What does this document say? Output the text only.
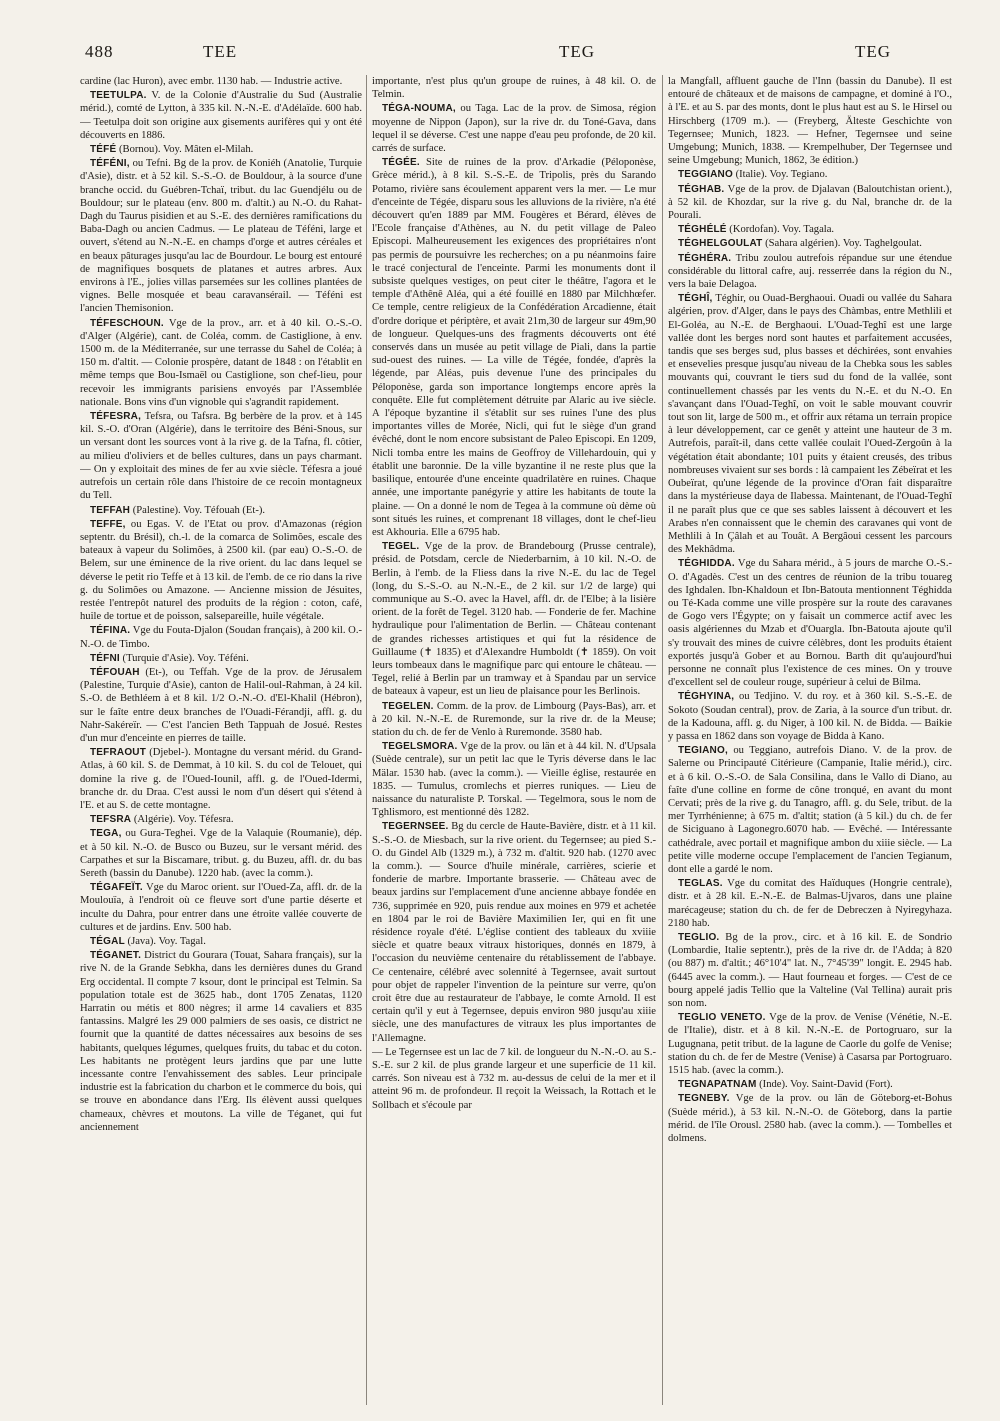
488	TEE	TEG	TEG

cardine (lac Huron), avec embr. 1130 hab. — Industrie active.

TEETULPA. V. de la Colonie d'Australie du Sud (Australie mérid.), comté de Lytton, à 335 kil. N.-N.-E. d'Adélaïde. 600 hab. — Teetulpa doit son origine aux gisements aurifères qui y ont été découverts en 1886.

TÉFÉ (Bornou). Voy. Mâten el-Milah.

TÉFÉNI, ou Tefni. Bg de la prov. de Koniéh (Anatolie, Turquie d'Asie), distr. et à 52 kil. S.-S.-O. de Bouldour, à la source d'une branche occid. du Guébren-Tchaï, tribut. du lac Guendjélu ou de Bouldour; sur le plateau (env. 800 m. d'altit.) au N.-O. du Rahat-Dagh du Taurus pisidien et au S.-E. des dernières ramifications du Baba-Dagh ou ancien Cadmus. — Le plateau de Téféni, large et ouvert, s'étend au N.-N.-E. en champs d'orge et autres céréales et en beaux pâturages jusqu'au lac de Bourdour. Le bourg est entouré de magnifiques bosquets de platanes et autres arbres. Aux environs à l'E., jolies villas parsemées sur les collines plantées de vignes. Belle mosquée et beau caravansérail. — Téféni est l'ancien Themisonion.

TÉFESCHOUN. Vge de la prov., arr. et à 40 kil. O.-S.-O. d'Alger (Algérie), cant. de Coléa, comm. de Castiglione, à env. 1500 m. de la Méditerranée, sur une terrasse du Sahel de Coléa; à 150 m. d'altit. — Colonie prospère, datant de 1848 : on l'établit en même temps que Bou-Ismaël ou Castiglione, son chef-lieu, pour recevoir les immigrants parisiens envoyés par l'Assemblée nationale. Bons vins d'un vignoble qui s'agrandit rapidement.

TÉFESRA, Tefsra, ou Tafsra. Bg berbère de la prov. et à 145 kil. S.-O. d'Oran (Algérie), dans le territoire des Béni-Snous, sur un versant dont les sources vont à la rive g. de la Tafna, fl. côtier, au milieu d'oliviers et de belles cultures, dans un pays charmant. — On y exploitait des mines de fer au xvie siècle. Téfesra a joué autrefois un certain rôle dans l'histoire de ce recoin montagneux du Tell.

TEFFAH (Palestine). Voy. Téfouah (Et-).

TEFFE, ou Egas. V. de l'Etat ou prov. d'Amazonas (région septentr. du Brésil), ch.-l. de la comarca de Solimões, escale des bateaux à vapeur du Solimões, à 2500 kil. (par eau) O.-S.-O. de Belem, sur une éminence de la rive orient. du lac dans lequel se déverse le petit rio Teffe et à 13 kil. de l'emb. de ce rio dans la rive g. du Solimões ou Amazone. — Ancienne mission de Jésuites, restée l'entrepôt naturel des produits de la région : coton, café, huile de tortue et de poisson, salsepareille, huile végétale.

TÉFINA. Vge du Fouta-Djalon (Soudan français), à 200 kil. O.-N.-O. de Timbo.

TÉFNI (Turquie d'Asie). Voy. Téféni.

TÉFOUAH (Et-), ou Teffah. Vge de la prov. de Jérusalem (Palestine, Turquie d'Asie), canton de Halil-oul-Rahman, à 24 kil. S.-O. de Bethléem à et 8 kil. 1/2 O.-N.-O. d'El-Khalil (Hébron), sur le faîte entre deux branches de l'Ouadi-Férandji, affl. g. du Nahr-Sakéreïr. — C'est l'ancien Beth Tappuah de Josué. Restes d'un mur d'enceinte en pierres de taille.

TEFRAOUT (Djebel-). Montagne du versant mérid. du Grand-Atlas, à 60 kil. S. de Demmat, à 10 kil. S. du col de Telouet, qui domine la rive g. de l'Oued-Iounil, affl. g. de l'Oued-Idermi, branche dr. du Draa. C'est aussi le nom d'un désert qui s'étend à l'E. et au S. de cette montagne.

TEFSRA (Algérie). Voy. Téfesra.

TEGA, ou Gura-Teghei. Vge de la Valaquie (Roumanie), dép. et à 50 kil. N.-O. de Busco ou Buzeu, sur le versant mérid. des Carpathes et sur la Biscamare, tribut. g. du Buzeu, affl. dr. du bas Sereth (bassin du Danube). 1220 hab. (avec la comm.).

TÉGAFEÏT. Vge du Maroc orient. sur l'Oued-Za, affl. dr. de la Moulouïa, à l'endroit où ce fleuve sort d'une partie déserte et inculte du Dahra, pour entrer dans une étroite vallée couverte de cultures et de jardins. Env. 500 hab.

TÉGAL (Java). Voy. Tagal.

TÉGANET. District du Gourara (Touat, Sahara français), sur la rive N. de la Grande Sebkha, dans les dernières dunes du Grand Erg occidental. Il compte 7 ksour, dont le principal est Telmin. Sa population totale est de 3625 hab., dont 1705 Zenatas, 1120 Harratin ou métis et 800 nègres; il arme 14 cavaliers et 835 fantassins. Malgré les 29 000 palmiers de ses oasis, ce district ne fournit que la quantité de dattes nécessaires aux besoins de ses habitants, quelques légumes, quelques fruits, du tabac et du coton. Les habitants ne protègent leurs jardins que par une lutte incessante contre l'envahissement des sables. Leur principale industrie est la fabrication du charbon et le commerce du bois, qui se trouve en abondance dans l'Erg. Ils élèvent aussi quelques chameaux, chèvres et moutons. La ville de Téganet, qui fut anciennement

importante, n'est plus qu'un groupe de ruines, à 48 kil. O. de Telmin.

TÉGA-NOUMA, ou Taga. Lac de la prov. de Simosa, région moyenne de Nippon (Japon), sur la rive dr. du Toné-Gava, dans lequel il se déverse. C'est une nappe d'eau peu profonde, de 20 kil. carrés de surface.

TÉGÉE. Site de ruines de la prov. d'Arkadie (Péloponèse, Grèce mérid.), à 8 kil. S.-S.-E. de Tripolis, près du Sarando Potamo, rivière sans écoulement apparent vers la mer. — Le mur d'enceinte de Tégée, disparu sous les alluvions de la rivière, n'a été découvert qu'en 1889 par MM. Fougères et Bérard, élèves de l'Ecole française d'Athènes, au N. du petit village de Paleo Episcopi. Malheureusement les exigences des propriétaires n'ont pas permis de poursuivre les recherches; on a pu néanmoins faire le tracé conjectural de l'enceinte. Parmi les monuments dont il subsiste quelques vestiges, on peut citer le théâtre, l'agora et le temple d'Athênê Aléa, qui a été fouillé en 1880 par Milchhœfer. Ce temple, centre religieux de la Confédération Arcadienne, était d'ordre dorique et périptère, et avait 21m,30 de largeur sur 49m,90 de longueur. Quelques-uns des fragments découverts ont été conservés dans un musée au petit village de Piali, dans la partie sud-ouest des ruines. — La ville de Tégée, fondée, d'après la légende, par Aléas, puis devenue l'une des principales du Péloponèse, garda son importance longtemps encore après la conquête. Elle fut complètement détruite par Alaric au ive siècle. A l'époque byzantine il s'établit sur ses ruines l'une des plus importantes villes de Morée, Nicli, qui fut le siège d'un grand évêché, dont le nom encore subsistant de Paleo Episcopi. En 1209, Nicli tomba entre les mains de Geoffroy de Villehardouin, qui y établit une baronnie. De la ville byzantine il ne reste plus que la basilique, entourée d'une enceinte quadrilatère en ruines. Chaque année, une importante panégyrie y attire les habitants de toute la plaine. — On a donné le nom de Tegea à la commune où dème où sont situés les ruines, et comprenant 18 villages, dont le chef-lieu est Akhouria. Elle a 6795 hab.

TEGEL. Vge de la prov. de Brandebourg (Prusse centrale), présid. de Potsdam, cercle de Niederbarnim, à 10 kil. N.-O. de Berlin, à l'emb. de la Fliess dans la rive N.-E. du lac de Tegel (long, du S.-S.-O. au N.-N.-E., de 2 kil. sur 1/2 de large) qui communique au S.-O. avec la Havel, affl. dr. de l'Elbe; à la lisière orient. de la forêt de Tegel. 3120 hab. — Fonderie de fer. Machine hydraulique pour l'alimentation de Berlin. — Château contenant de grandes richesses artistiques et qui fut la résidence de Guillaume (✝ 1835) et d'Alexandre Humboldt (✝ 1859). On voit leurs tombeaux dans le magnifique parc qui entoure le château. — Tegel, relié à Berlin par un tramway et à Spandau par un service de bateaux à vapeur, est un lieu de plaisance pour les Berlinois.

TEGELEN. Comm. de la prov. de Limbourg (Pays-Bas), arr. et à 20 kil. N.-N.-E. de Ruremonde, sur la rive dr. de la Meuse; station du ch. de fer de Venlo à Ruremonde. 3580 hab.

TEGELSMORA. Vge de la prov. ou län et à 44 kil. N. d'Upsala (Suède centrale), sur un petit lac que le Tyris déverse dans le lac Mälar. 1530 hab. (avec la comm.). — Vieille église, restaurée en 1835. — Tumulus, cromlechs et pierres runiques. — Lieu de naissance du naturaliste P. Torskal. — Tegelmora, sous le nom de Tghlismoro, est mentionné dès 1282.

TEGERNSEE. Bg du cercle de Haute-Bavière, distr. et à 11 kil. S.-S.-O. de Miesbach, sur la rive orient. du Tegernsee; au pied S.-O. du Gindel Alb (1329 m.), à 732 m. d'altit. 920 hab. (1270 avec la comm.). — Source d'huile minérale, carrières, scierie et fonderie de marbre. Importante brasserie. — Château avec de beaux jardins sur l'emplacement d'une ancienne abbaye fondée en 736, supprimée en 920, puis rendue aux moines en 979 et achetée en 1804 par le roi de Bavière Maximilien Ier, qui en fit une résidence royale d'été. L'église contient des tableaux du xviiie siècle et quatre beaux vitraux historiques, donnés en 1879, à l'occasion du neuvième centenaire du rétablissement de l'abbaye. Ce centenaire, célébré avec solennité à Tegernsee, avait surtout pour objet de rappeler l'invention de la peinture sur verre, qu'on croit être due au restaurateur de l'abbaye, le comte Arnold. Il est certain qu'il y eut à Tegernsee, depuis environ 980 jusqu'au xiiie siècle, une des manufactures de vitraux les plus importantes de l'Allemagne.

— Le Tegernsee est un lac de 7 kil. de longueur du N.-N.-O. au S.-S.-E. sur 2 kil. de plus grande largeur et une superficie de 11 kil. carrés. Son niveau est à 732 m. au-dessus de celui de la mer et il atteint 96 m. de profondeur. Il reçoit la Weissach, la Rottach et le Sollbach et s'écoule par

la Mangfall, affluent gauche de l'Inn (bassin du Danube). Il est entouré de châteaux et de maisons de campagne, et dominé à l'O., à l'E. et au S. par des monts, dont le plus haut est au S. le Hirsel ou Hirschberg (1709 m.). — (Freyberg, Älteste Geschichte von Tegernsee; Munich, 1823. — Hefner, Tegernsee und seine Umgebung; Munich, 1838. — Krempelhuber, Der Tegernsee und seine Umgebung; Munich, 1862, 3e édition.)

TEGGIANO (Italie). Voy. Tegiano.

TÉGHAB. Vge de la prov. de Djalavan (Baloutchistan orient.), à 52 kil. de Khozdar, sur la rive g. du Nal, branche dr. de la Pourali.

TÉGHÉLÉ (Kordofan). Voy. Tagala.

TÉGHELGOULAT (Sahara algérien). Voy. Taghelgoulat.

TÉGHÉRA. Tribu zoulou autrefois répandue sur une étendue considérable du littoral cafre, auj. resserrée dans la région du N., vers la baie Delagoa.

TÉGHÎ, Téghir, ou Ouad-Berghaoui. Ouadi ou vallée du Sahara algérien, prov. d'Alger, dans le pays des Chàmbas, entre Methlili et El-Goléa, au N.-E. de Berghaoui. L'Ouad-Teghî est une large vallée dont les berges nord sont hautes et parfaitement accusées, tandis que ses berges sud, plus basses et déchirées, sont envahies et ensevelies presque jusqu'au niveau de la Chebka sous les sables mouvants qui, couvrant le tiers sud du fond de la vallée, sont continuellement chassés par les vents du N.-E. et du N.-O. En s'avançant dans l'Ouad-Teghî, on voit le sable mouvant couvrir tout son lit, large de 500 m., et offrir aux rétama un terrain propice à leur développement, car ce genêt y atteint une hauteur de 3 m. Autrefois, paraît-il, dans cette vallée coulait l'Oued-Zergoûn à la végétation était abondante; 101 puits y étaient creusés, des tribus nombreuses vivaient sur ses bords : là campaient les Zébeïrat et les Oubeïrat, qu'une légende de la province d'Oran fait disparaître dans la mystérieuse daya de Ilabessa. Maintenant, de l'Ouad-Teghî il ne paraît plus que ce que ses sables laissent à découvert et les Arabes n'en connaissent que le chemin des caravanes qui vont de Methlili à In Çâlah et au Touât. A Bergâoui cessent les parcours des Mekhâdma.

TÉGHIDDA. Vge du Sahara mérid., à 5 jours de marche O.-S.-O. d'Agadès. C'est un des centres de réunion de la tribu touareg des Ighdalen. Ibn-Khaldoun et Ibn-Batouta mentionnent Téghidda ou Té-Kada comme une ville prospère sur la route des caravanes de Gogo vers l'Égypte; on y faisait un commerce actif avec les oasis algériennes du Mzab et d'Ouargla. Ibn-Batouta ajoute qu'il s'y trouvait des mines de cuivre célèbres, dont les produits étaient exportés jusqu'à Gober et au Bornou. Barth dit qu'aujourd'hui personne ne connaît plus l'existence de ces mines. On y trouve d'excellent sel de couleur rouge, supérieur à celui de Bilma.

TÉGHYINA, ou Tedjino. V. du roy. et à 360 kil. S.-S.-E. de Sokoto (Soudan central), prov. de Zaria, à la source d'un tribut. dr. de la Kadouna, affl. g. du Niger, à 100 kil. N. de Bidda. — Baikie y passa en 1862 dans son voyage de Bidda à Kano.

TEGIANO, ou Teggiano, autrefois Diano. V. de la prov. de Salerne ou Principauté Citérieure (Campanie, Italie mérid.), circ. et à 6 kil. O.-S.-O. de Sala Consilina, dans le Vallo di Diano, au faîte d'une colline en forme de cône tronqué, en avant du mont Cervati; près de la rive g. du Tanagro, affl. g. du Sele, tribut. de la mer Tyrrhénienne; à 675 m. d'altit; station (à 5 kil.) du ch. de fer de Siciguano à Lagonegro.6070 hab. — Evêché. — Intéressante cathédrale, avec portail et magnifique ambon du xiiie siècle. — La petite ville moderne occupe l'emplacement de l'ancien Tegianum, dont elle a gardé le nom.

TEGLAS. Vge du comitat des Haïduques (Hongrie centrale), distr. et à 28 kil. E.-N.-E. de Balmas-Ujvaros, dans une plaine marécageuse; station du ch. de fer de Debreczen à Nyiregyhaza. 2180 hab.

TEGLIO. Bg de la prov., circ. et à 16 kil. E. de Sondrio (Lombardie, Italie septentr.), près de la rive dr. de l'Adda; à 820 (ou 887) m. d'altit.; 46°10'4" lat. N., 7°45'39" longit. E. 2945 hab. (6445 avec la comm.). — Haut fourneau et forges. — C'est de ce bourg appelé jadis Tellio que la Valteline (Val Tellina) aurait pris son nom.

TEGLIO VENETO. Vge de la prov. de Venise (Vénétie, N.-E. de l'Italie), distr. et à 8 kil. N.-N.-E. de Portogruaro, sur la Lugugnana, petit tribut. de la lagune de Caorle du golfe de Venise; station du ch. de fer de Mestre (Venise) à Casarsa par Portogruaro. 1515 hab. (avec la comm.).

TEGNAPATNAM (Inde). Voy. Saint-David (Fort).

TEGNEBY. Vge de la prov. ou län de Göteborg-et-Bohus (Suède mérid.), à 53 kil. N.-N.-O. de Göteborg, dans la partie mérid. de l'île Orousl. 2580 hab. (avec la comm.). — Tombelles et dolmens.
